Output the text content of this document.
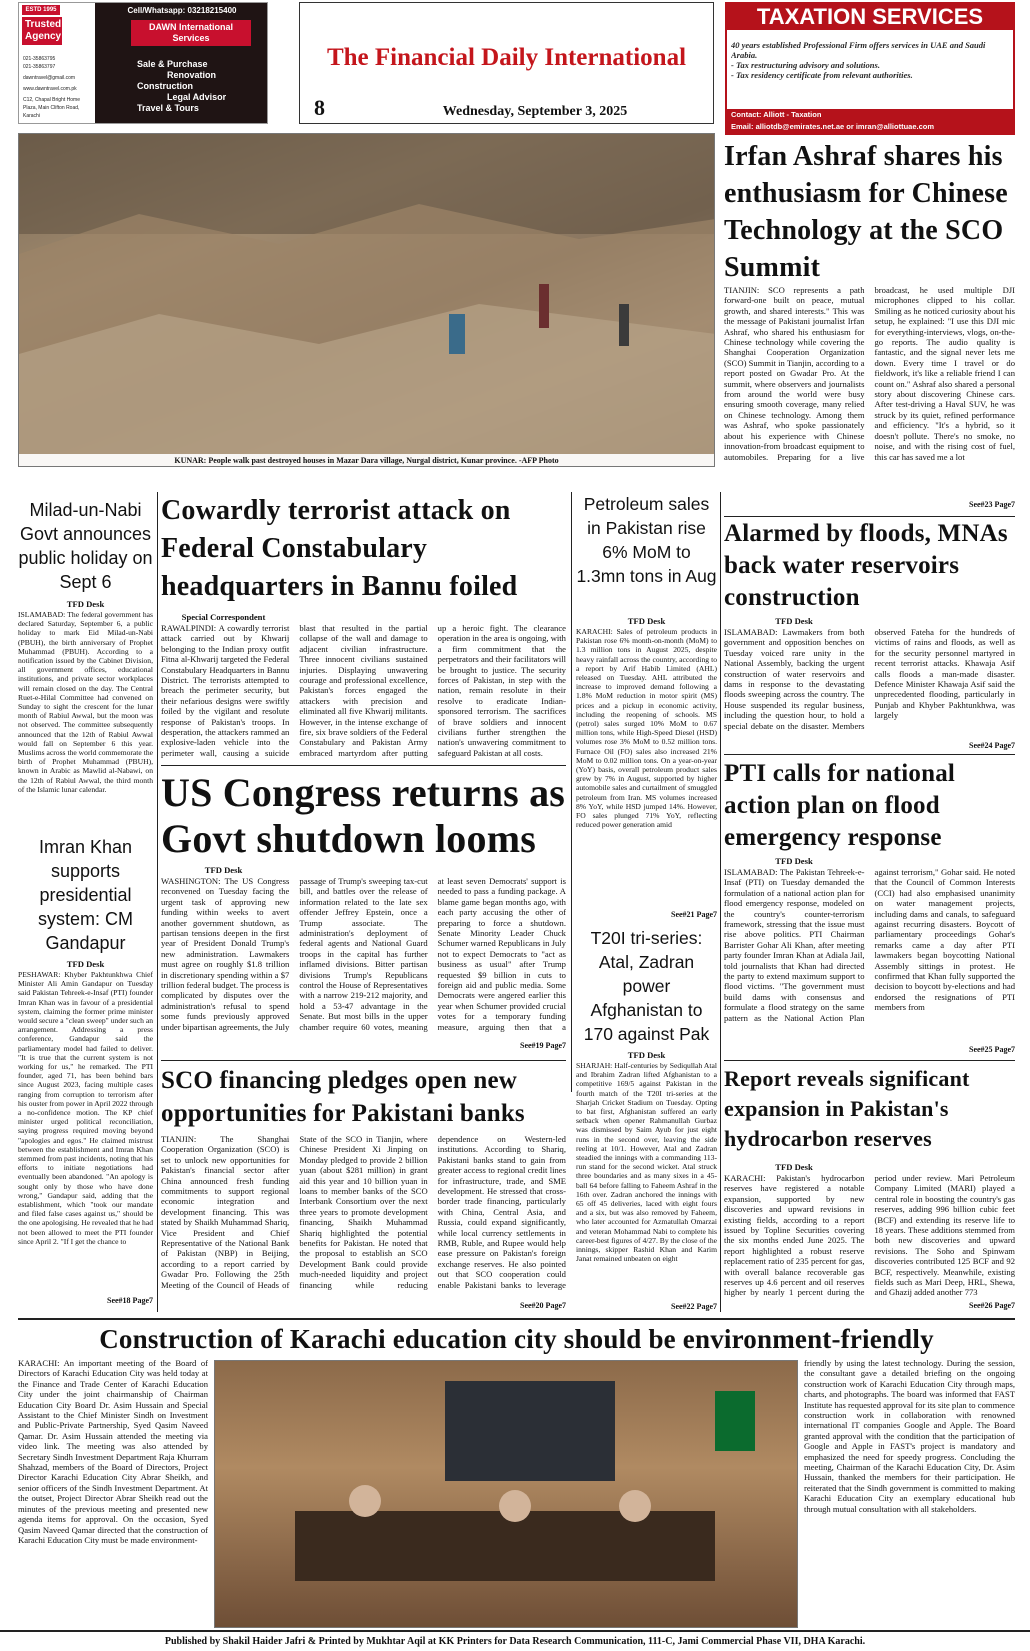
ESTD 1995
Trusted
Agency
021-35863795
021-35863797
dawntravel@gmail.com
www.dawntravel.com.pk
C12, Chapal Bright Home Plaza, Main Clifton Road, Karachi
Cell/Whatsapp: 03218215400
DAWN International Services
Sale & Purchase
Renovation
Construction
Legal Advisor
Travel & Tours
The Financial Daily International
8	Wednesday, September 3, 2025
TAXATION SERVICES
40 years established Professional Firm offers services in UAE and Saudi Arabia.
- Tax restructuring advisory and solutions.
- Tax residency certificate from relevant authorities.
Contact: Alliott - Taxation
Email: alliotdb@emirates.net.ae or imran@alliottuae.com
KUNAR: People walk past destroyed houses in Mazar Dara village, Nurgal district, Kunar province. -AFP Photo
Irfan Ashraf shares his enthusiasm for Chinese Technology at the SCO Summit
TIANJIN: SCO represents a path forward-one built on peace, mutual growth, and shared interests." This was the message of Pakistani journalist Irfan Ashraf, who shared his enthusiasm for Chinese technology while covering the Shanghai Cooperation Organization (SCO) Summit in Tianjin, according to a report posted on Gwadar Pro. At the summit, where observers and journalists from around the world were busy ensuring smooth coverage, many relied on Chinese technology. Among them was Ashraf, who spoke passionately about his experience with Chinese innovation-from broadcast equipment to automobiles. Preparing for a live broadcast, he used multiple DJI microphones clipped to his collar. Smiling as he noticed curiosity about his setup, he explained: "I use this DJI mic for everything-interviews, vlogs, on-the-go reports. The audio quality is fantastic, and the signal never lets me down. Every time I travel or do fieldwork, it's like a reliable friend I can count on." Ashraf also shared a personal story about discovering Chinese cars. After test-driving a Haval SUV, he was struck by its quiet, refined performance and efficiency. "It's a hybrid, so it doesn't pollute. There's no smoke, no noise, and with the rising cost of fuel, this car has saved me a lot
See#23 Page7
Milad-un-Nabi Govt announces public holiday on Sept 6
TFD Desk
ISLAMABAD: The federal government has declared Saturday, September 6, a public holiday to mark Eid Milad-un-Nabi (PBUH), the birth anniversary of Prophet Muhammad (PBUH). According to a notification issued by the Cabinet Division, all government offices, educational institutions, and private sector workplaces will remain closed on the day. The Central Ruet-e-Hilal Committee had convened on Sunday to sight the crescent for the lunar month of Rabiul Awwal, but the moon was not observed. The committee subsequently announced that the 12th of Rabiul Awwal would fall on September 6 this year. Muslims across the world commemorate the birth of Prophet Muhammad (PBUH), known in Arabic as Mawlid al-Nabawi, on the 12th of Rabiul Awwal, the third month of the Islamic lunar calendar.
Imran Khan supports presidential system: CM Gandapur
TFD Desk
PESHAWAR: Khyber Pakhtunkhwa Chief Minister Ali Amin Gandapur on Tuesday said Pakistan Tehreek-e-Insaf (PTI) founder Imran Khan was in favour of a presidential system, claiming the former prime minister would secure a "clean sweep" under such an arrangement. Addressing a press conference, Gandapur said the parliamentary model had failed to deliver. "It is true that the current system is not working for us," he remarked. The PTI founder, aged 71, has been behind bars since August 2023, facing multiple cases ranging from corruption to terrorism after his ouster from power in April 2022 through a no-confidence motion. The KP chief minister urged political reconciliation, saying progress required moving beyond "apologies and egos." He claimed mistrust between the establishment and Imran Khan stemmed from past incidents, noting that his efforts to initiate negotiations had eventually been abandoned. "An apology is sought only by those who have done wrong," Gandapur said, adding that the establishment, which "took our mandate and filed false cases against us," should be the one apologising. He revealed that he had not been allowed to meet the PTI founder since April 2. "If I get the chance to
See#18 Page7
Cowardly terrorist attack on Federal Constabulary headquarters in Bannu foiled
Special Correspondent
RAWALPINDI: A cowardly terrorist attack carried out by Khwarij belonging to the Indian proxy outfit Fitna al-Khwarij targeted the Federal Constabulary Headquarters in Bannu District. The terrorists attempted to breach the perimeter security, but their nefarious designs were swiftly foiled by the vigilant and resolute response of Pakistan's troops. In desperation, the attackers rammed an explosive-laden vehicle into the perimeter wall, causing a suicide blast that resulted in the partial collapse of the wall and damage to adjacent civilian infrastructure. Three innocent civilians sustained injuries. Displaying unwavering courage and professional excellence, Pakistan's forces engaged the attackers with precision and eliminated all five Khwarij militants. However, in the intense exchange of fire, six brave soldiers of the Federal Constabulary and Pakistan Army embraced martyrdom after putting up a heroic fight. The clearance operation in the area is ongoing, with a firm commitment that the perpetrators and their facilitators will be brought to justice. The security forces of Pakistan, in step with the nation, remain resolute in their resolve to eradicate Indian-sponsored terrorism. The sacrifices of brave soldiers and innocent civilians further strengthen the nation's unwavering commitment to safeguard Pakistan at all costs.
Petroleum sales in Pakistan rise 6% MoM to 1.3mn tons in Aug
TFD Desk
KARACHI: Sales of petroleum products in Pakistan rose 6% month-on-month (MoM) to 1.3 million tons in August 2025, despite heavy rainfall across the country, according to a report by Arif Habib Limited (AHL) released on Tuesday. AHL attributed the increase to improved demand following a 1.8% MoM reduction in motor spirit (MS) prices and a pickup in economic activity, including the reopening of schools. MS (petrol) sales surged 10% MoM to 0.67 million tons, while High-Speed Diesel (HSD) volumes rose 3% MoM to 0.52 million tons. Furnace Oil (FO) sales also increased 21% MoM to 0.02 million tons. On a year-on-year (YoY) basis, overall petroleum product sales grew by 7% in August, supported by higher automobile sales and curtailment of smuggled petroleum from Iran. MS volumes increased 8% YoY, while HSD jumped 14%. However, FO sales plunged 71% YoY, reflecting reduced power generation amid
See#21 Page7
Alarmed by floods, MNAs back water reservoirs construction
TFD Desk
ISLAMABAD: Lawmakers from both government and opposition benches on Tuesday voiced rare unity in the National Assembly, backing the urgent construction of water reservoirs and dams in response to the devastating floods sweeping across the country. The House suspended its regular business, including the question hour, to hold a special debate on the disaster. Members observed Fateha for the hundreds of victims of rains and floods, as well as for the security personnel martyred in recent terrorist attacks. Khawaja Asif calls floods a man-made disaster. Defence Minister Khawaja Asif said the unprecedented flooding, particularly in Punjab and Khyber Pakhtunkhwa, was largely
See#24 Page7
US Congress returns as Govt shutdown looms
TFD Desk
WASHINGTON: The US Congress reconvened on Tuesday facing the urgent task of approving new funding within weeks to avert another government shutdown, as partisan tensions deepen in the first year of President Donald Trump's new administration. Lawmakers must agree on roughly $1.8 trillion in discretionary spending within a $7 trillion federal budget. The process is complicated by disputes over the administration's refusal to spend some funds previously approved under bipartisan agreements, the July passage of Trump's sweeping tax-cut bill, and battles over the release of information related to the late sex offender Jeffrey Epstein, once a Trump associate. The administration's deployment of federal agents and National Guard troops in the capital has further inflamed divisions. Bitter partisan divisions Trump's Republicans control the House of Representatives with a narrow 219-212 majority, and hold a 53-47 advantage in the Senate. But most bills in the upper chamber require 60 votes, meaning at least seven Democrats' support is needed to pass a funding package. A blame game began months ago, with each party accusing the other of preparing to force a shutdown. Senate Minority Leader Chuck Schumer warned Republicans in July not to expect Democrats to "act as business as usual" after Trump requested $9 billion in cuts to foreign aid and public media. Some Democrats were angered earlier this year when Schumer provided crucial votes for a temporary funding measure, arguing then that a
See#19 Page7
T20I tri-series: Atal, Zadran power Afghanistan to 170 against Pak
TFD Desk
SHARJAH: Half-centuries by Sediqullah Atal and Ibrahim Zadran lifted Afghanistan to a competitive 169/5 against Pakistan in the fourth match of the T20I tri-series at the Sharjah Cricket Stadium on Tuesday. Opting to bat first, Afghanistan suffered an early setback when opener Rahmanullah Gurbaz was dismissed by Saim Ayub for just eight runs in the second over, leaving the side reeling at 10/1. However, Atal and Zadran steadied the innings with a commanding 113-run stand for the second wicket. Atal struck three boundaries and as many sixes in a 45-ball 64 before falling to Faheem Ashraf in the 16th over. Zadran anchored the innings with 65 off 45 deliveries, laced with eight fours and a six, but was also removed by Faheem, who later accounted for Azmatullah Omarzai and veteran Mohammad Nabi to complete his career-best figures of 4/27. By the close of the innings, skipper Rashid Khan and Karim Janat remained unbeaten on eight
See#22 Page7
PTI calls for national action plan on flood emergency response
TFD Desk
ISLAMABAD: The Pakistan Tehreek-e-Insaf (PTI) on Tuesday demanded the formulation of a national action plan for flood emergency response, modeled on the country's counter-terrorism framework, stressing that the issue must rise above politics. PTI Chairman Barrister Gohar Ali Khan, after meeting party founder Imran Khan at Adiala Jail, told journalists that Khan had directed the party to extend maximum support to flood victims. "The government must build dams with consensus and formulate a flood strategy on the same pattern as the National Action Plan against terrorism," Gohar said. He noted that the Council of Common Interests (CCI) had also emphasised unanimity on water management projects, including dams and canals, to safeguard against recurring disasters. Boycott of parliamentary proceedings Gohar's remarks came a day after PTI lawmakers began boycotting National Assembly sittings in protest. He confirmed that Khan fully supported the decision to boycott by-elections and had endorsed the resignations of PTI members from
See#25 Page7
SCO financing pledges open new opportunities for Pakistani banks
TIANJIN: The Shanghai Cooperation Organization (SCO) is set to unlock new opportunities for Pakistan's financial sector after China announced fresh funding commitments to support regional economic integration and development financing. This was stated by Shaikh Muhammad Shariq, Vice President and Chief Representative of the National Bank of Pakistan (NBP) in Beijing, according to a report carried by Gwadar Pro. Following the 25th Meeting of the Council of Heads of State of the SCO in Tianjin, where Chinese President Xi Jinping on Monday pledged to provide 2 billion yuan (about $281 million) in grant aid this year and 10 billion yuan in loans to member banks of the SCO Interbank Consortium over the next three years to promote development financing, Shaikh Muhammad Shariq highlighted the potential benefits for Pakistan. He noted that the proposal to establish an SCO Development Bank could provide much-needed liquidity and project financing while reducing dependence on Western-led institutions. According to Shariq, Pakistani banks stand to gain from greater access to regional credit lines for infrastructure, trade, and SME development. He stressed that cross-border trade financing, particularly with China, Central Asia, and Russia, could expand significantly, while local currency settlements in RMB, Ruble, and Rupee would help ease pressure on Pakistan's foreign exchange reserves. He also pointed out that SCO cooperation could enable Pakistani banks to leverage
See#20 Page7
Report reveals significant expansion in Pakistan's hydrocarbon reserves
TFD Desk
KARACHI: Pakistan's hydrocarbon reserves have registered a notable expansion, supported by new discoveries and upward revisions in existing fields, according to a report issued by Topline Securities covering the six months ended June 2025. The report highlighted a robust reserve replacement ratio of 235 percent for gas, with overall balance recoverable gas reserves up 4.6 percent and oil reserves higher by nearly 1 percent during the period under review. Mari Petroleum Company Limited (MARI) played a central role in boosting the country's gas reserves, adding 996 billion cubic feet (BCF) and extending its reserve life to 18 years. These additions stemmed from both new discoveries and upward revisions. The Soho and Spinwam discoveries contributed 125 BCF and 92 BCF, respectively. Meanwhile, existing fields such as Mari Deep, HRL, Shewa, and Ghazij added another 773
See#26 Page7
Construction of Karachi education city should be environment-friendly
KARACHI: An important meeting of the Board of Directors of Karachi Education City was held today at the Finance and Trade Center of Karachi Education City under the joint chairmanship of Chairman Education City Board Dr. Asim Hussain and Special Assistant to the Chief Minister Sindh on Investment and Public-Private Partnership, Syed Qasim Naveed Qamar. Dr. Asim Hussain attended the meeting via video link. The meeting was also attended by Secretary Sindh Investment Department Raja Khurram Shahzad, members of the Board of Directors, Project Director Karachi Education City Abrar Sheikh, and senior officers of the Sindh Investment Department. At the outset, Project Director Abrar Sheikh read out the minutes of the previous meeting and presented new agenda items for approval. On the occasion, Syed Qasim Naveed Qamar directed that the construction of Karachi Education City must be made environment-
friendly by using the latest technology. During the session, the consultant gave a detailed briefing on the ongoing construction work of Karachi Education City through maps, charts, and photographs. The board was informed that FAST Institute has requested approval for its site plan to commence construction work in collaboration with renowned international IT companies Google and Apple. The Board granted approval with the condition that the participation of Google and Apple in FAST's project is mandatory and emphasized the need for speedy progress. Concluding the meeting, Chairman of the Karachi Education City, Dr. Asim Hussain, thanked the members for their participation. He reiterated that the Sindh government is committed to making Karachi Education City an exemplary educational hub through mutual consultation with all stakeholders.
Published by Shakil Haider Jafri & Printed by Mukhtar Aqil at KK Printers for Data Research Communication, 111-C, Jami Commercial Phase VII, DHA Karachi.
